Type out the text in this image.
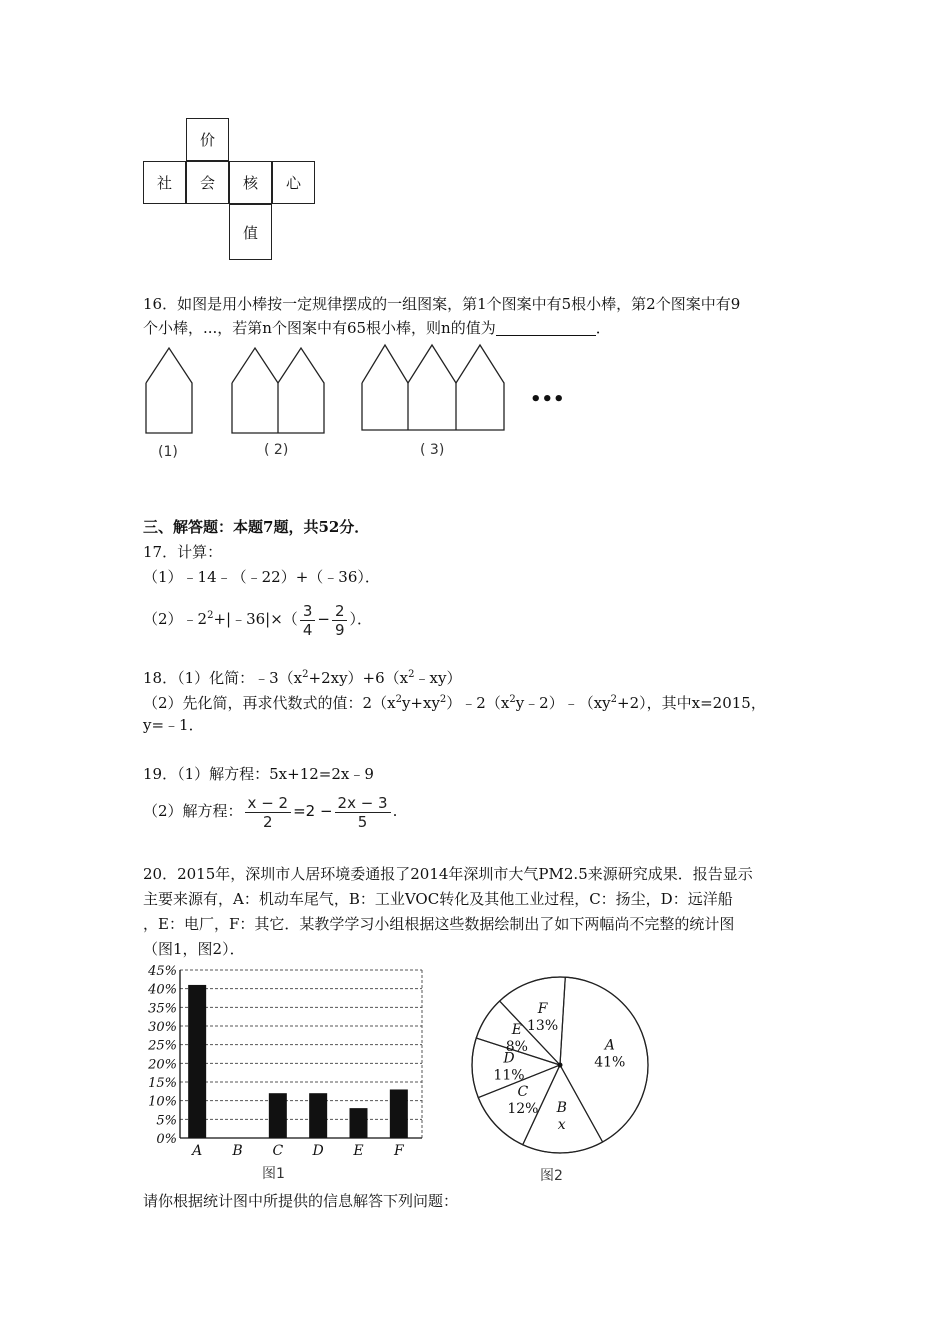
价
社	会	核	心
值
16．如图是用小棒按一定规律摆成的一组图案，第1个图案中有5根小棒，第2个图案中有9
个小棒，...，若第n个图案中有65根小棒，则n的值为	．
(1)	( 2)	( 3)
•••
三、解答题：本题7题，共52分．
17．计算：
（1）﹣14﹣（﹣22）+（﹣36）．
$(2)﹣2^2+|﹣36|\times( \frac{3}{4} - \frac{2}{9}$ ）．
18．（1）化简：$﹣3(x^2+2xy)+6(x^2﹣xy)$
（2）先化简，再求代数式的值：$2(x^2y+xy^2)﹣2(x^2y﹣2)﹣(xy^2+2)$，其中x=2015，
y=﹣1．
19．（1）解方程：5x+12=2x﹣9
（2）解方程： $\frac{x - 2}{2} =2 - \frac{2x - 3}{5}$ .
20．2015年，深圳市人居环境委通报了2014年深圳市大气PM2.5来源研究成果．报告显示
主要来源有，A：机动车尾气，B：工业VOC转化及其他工业过程，C：扬尘，D：远洋船
，E：电厂，F：其它．某教学学习小组根据这些数据绘制出了如下两幅尚不完整的统计图
（图1，图2）．
0%
5%
10%
15%
20%
25%
30%
35%
40%
45%
A B C D E F
图1
A
41%
B
x
C
12%
D
11%
E
8%
F
13%
图2
请你根据统计图中所提供的信息解答下列问题：
